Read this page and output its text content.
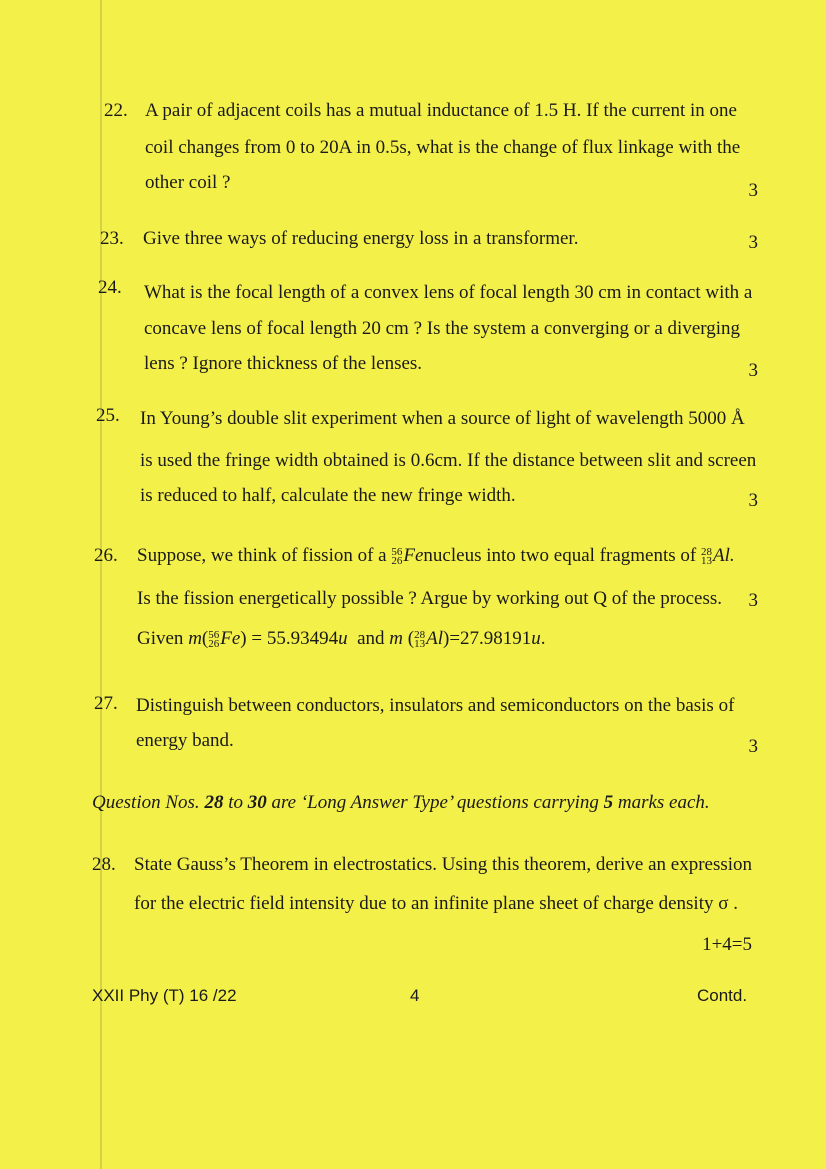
22. A pair of adjacent coils has a mutual inductance of 1.5 H. If the current in one
coil changes from 0 to 20A in 0.5s, what is the change of flux linkage with the
other coil ?	3
23. Give three ways of reducing energy loss in a transformer.	3
24. What is the focal length of a convex lens of focal length 30 cm in contact with a
concave lens of focal length 20 cm ? Is the system a converging or a diverging
lens ? Ignore thickness of the lenses.	3
25. In Young’s double slit experiment when a source of light of wavelength 5000 Å
is used the fringe width obtained is 0.6cm. If the distance between slit and screen
is reduced to half, calculate the new fringe width.	3
26. Suppose, we think of fission of a 56
26 Fenucleus into two equal fragments of 28
13 Al.
Is the fission energetically possible ? Argue by working out Q of the process. 3
Given m( 56
26 Fe) = 55.93494u and m ( 28
13 Al)=27.98191u.
27. Distinguish between conductors, insulators and semiconductors on the basis of
energy band.	3
Question Nos. 28 to 30 are ‘Long Answer Type’ questions carrying 5 marks each.
28. State Gauss’s Theorem in electrostatics. Using this theorem, derive an expression
for the electric field intensity due to an infinite plane sheet of charge density σ .
1+4=5
XXII Phy (T) 16 /22	4	Contd.
